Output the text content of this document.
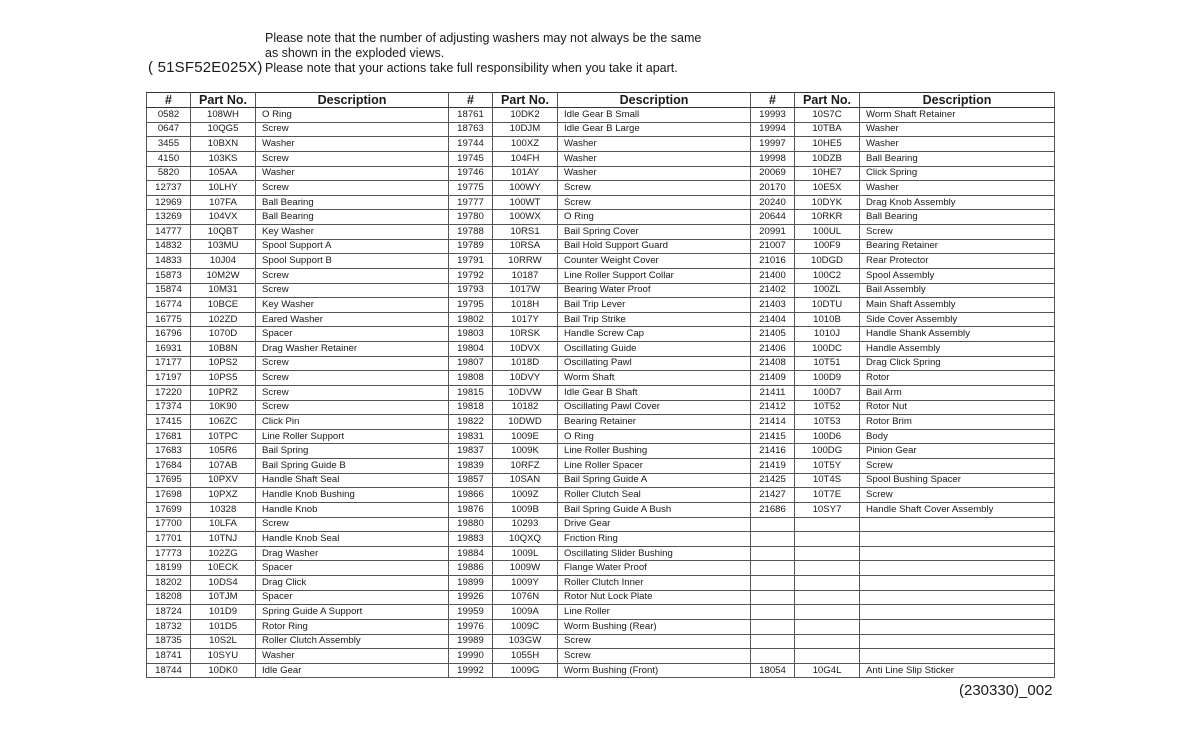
Please note that the number of adjusting washers may not always be the same
as shown in the exploded views.
Please note that your actions take full responsibility when you take it apart.
( 51SF52E025X)
#	Part No.	Description	#	Part No.	Description	#	Part No.	Description
0582	108WH	O Ring	18761	10DK2	Idle Gear B Small	19993	10S7C	Worm Shaft Retainer
0647	10QG5	Screw	18763	10DJM	Idle Gear B Large	19994	10TBA	Washer
3455	10BXN	Washer	19744	100XZ	Washer	19997	10HE5	Washer
4150	103KS	Screw	19745	104FH	Washer	19998	10DZB	Ball Bearing
5820	105AA	Washer	19746	101AY	Washer	20069	10HE7	Click Spring
12737	10LHY	Screw	19775	100WY	Screw	20170	10E5X	Washer
12969	107FA	Ball Bearing	19777	100WT	Screw	20240	10DYK	Drag Knob Assembly
13269	104VX	Ball Bearing	19780	100WX	O Ring	20644	10RKR	Ball Bearing
14777	10QBT	Key Washer	19788	10RS1	Bail Spring Cover	20991	100UL	Screw
14832	103MU	Spool Support A	19789	10RSA	Bail Hold Support Guard	21007	100F9	Bearing Retainer
14833	10J04	Spool Support B	19791	10RRW	Counter Weight Cover	21016	10DGD	Rear Protector
15873	10M2W	Screw	19792	10187	Line Roller Support Collar	21400	100C2	Spool Assembly
15874	10M31	Screw	19793	1017W	Bearing Water Proof	21402	100ZL	Bail Assembly
16774	10BCE	Key Washer	19795	1018H	Bail Trip Lever	21403	10DTU	Main Shaft Assembly
16775	102ZD	Eared Washer	19802	1017Y	Bail Trip Strike	21404	1010B	Side Cover Assembly
16796	1070D	Spacer	19803	10RSK	Handle Screw Cap	21405	1010J	Handle Shank Assembly
16931	10B8N	Drag Washer Retainer	19804	10DVX	Oscillating Guide	21406	100DC	Handle Assembly
17177	10PS2	Screw	19807	1018D	Oscillating Pawl	21408	10T51	Drag Click Spring
17197	10PS5	Screw	19808	10DVY	Worm Shaft	21409	100D9	Rotor
17220	10PRZ	Screw	19815	10DVW	Idle Gear B Shaft	21411	100D7	Bail Arm
17374	10K90	Screw	19818	10182	Oscillating Pawl Cover	21412	10T52	Rotor Nut
17415	106ZC	Click Pin	19822	10DWD	Bearing Retainer	21414	10T53	Rotor Brim
17681	10TPC	Line Roller Support	19831	1009E	O Ring	21415	100D6	Body
17683	105R6	Bail Spring	19837	1009K	Line Roller Bushing	21416	100DG	Pinion Gear
17684	107AB	Bail Spring Guide B	19839	10RFZ	Line Roller Spacer	21419	10T5Y	Screw
17695	10PXV	Handle Shaft Seal	19857	10SAN	Bail Spring Guide A	21425	10T4S	Spool Bushing Spacer
17698	10PXZ	Handle Knob Bushing	19866	1009Z	Roller Clutch Seal	21427	10T7E	Screw
17699	10328	Handle Knob	19876	1009B	Bail Spring Guide A Bush	21686	10SY7	Handle Shaft Cover Assembly
17700	10LFA	Screw	19880	10293	Drive Gear			
17701	10TNJ	Handle Knob Seal	19883	10QXQ	Friction Ring			
17773	102ZG	Drag Washer	19884	1009L	Oscillating Slider Bushing			
18199	10ECK	Spacer	19886	1009W	Flange Water Proof			
18202	10DS4	Drag Click	19899	1009Y	Roller Clutch Inner			
18208	10TJM	Spacer	19926	1076N	Rotor Nut Lock Plate			
18724	101D9	Spring Guide A Support	19959	1009A	Line Roller			
18732	101D5	Rotor Ring	19976	1009C	Worm Bushing (Rear)			
18735	10S2L	Roller Clutch Assembly	19989	103GW	Screw			
18741	10SYU	Washer	19990	1055H	Screw			
18744	10DK0	Idle Gear	19992	1009G	Worm Bushing (Front)	18054	10G4L	Anti Line Slip Sticker
(230330)_002
